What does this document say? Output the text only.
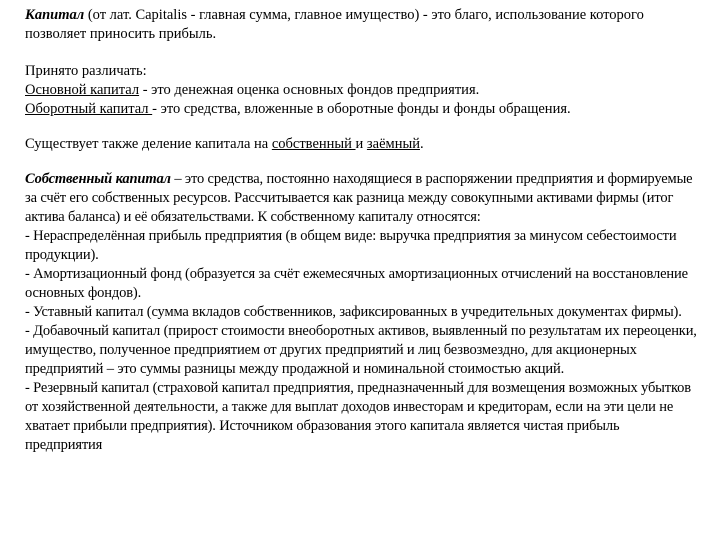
Капитал (от лат. Capitalis - главная сумма, главное имущество) - это благо, использование которого позволяет приносить прибыль.

Принято различать:

Основной капитал - это денежная оценка основных фондов предприятия.

Оборотный капитал - это средства, вложенные в оборотные фонды и фонды обращения.

Существует также деление капитала на собственный и заёмный.

Собственный капитал – это средства, постоянно находящиеся в распоряжении предприятия и формируемые за счёт его собственных ресурсов. Рассчитывается как разница между совокупными активами фирмы (итог актива баланса) и её обязательствами. К собственному капиталу относятся:

- Нераспределённая прибыль предприятия (в общем виде: выручка предприятия за минусом себестоимости продукции).

- Амортизационный фонд (образуется за счёт ежемесячных амортизационных отчислений на восстановление основных фондов).

- Уставный капитал (сумма вкладов собственников, зафиксированных в учредительных документах фирмы).

- Добавочный капитал (прирост стоимости внеоборотных активов, выявленный по результатам их переоценки, имущество, полученное предприятием от других предприятий и лиц безвозмездно, для акционерных предприятий – это суммы разницы между продажной и номинальной стоимостью акций.

- Резервный капитал (страховой капитал предприятия, предназначенный для возмещения возможных убытков от хозяйственной деятельности, а также для выплат доходов инвесторам и кредиторам, если на эти цели не хватает прибыли предприятия). Источником образования этого капитала является чистая прибыль предприятия
